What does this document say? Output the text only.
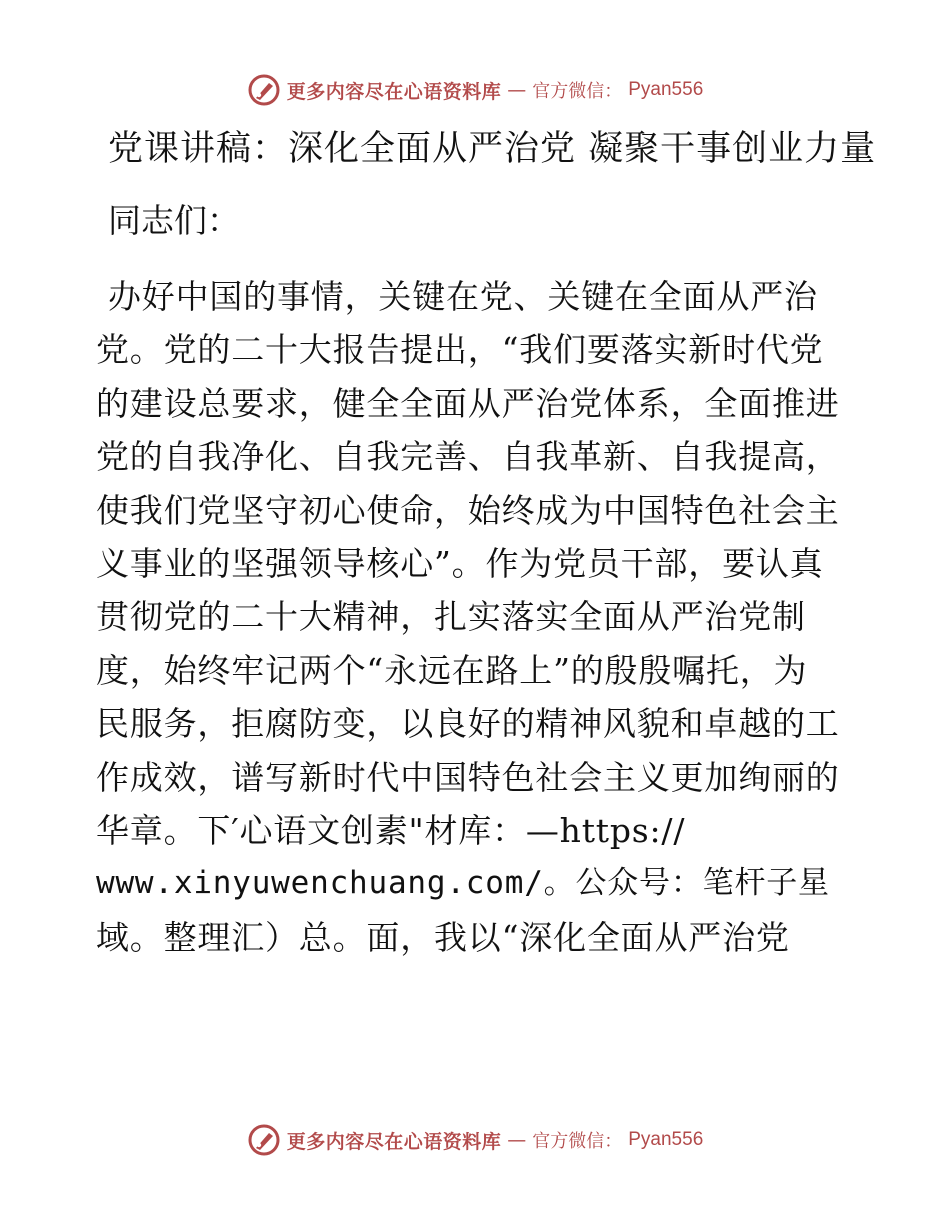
更多内容尽在心语资料库 — 官方微信： Pyan556
党课讲稿：深化全面从严治党 凝聚干事创业力量
同志们：
办好中国的事情，关键在党、关键在全面从严治
党。党的二十大报告提出，“我们要落实新时代党
的建设总要求，健全全面从严治党体系，全面推进
党的自我净化、自我完善、自我革新、自我提高，
使我们党坚守初心使命，始终成为中国特色社会主
义事业的坚强领导核心”。作为党员干部，要认真
贯彻党的二十大精神，扎实落实全面从严治党制
度，始终牢记两个“永远在路上”的殷殷嘱托，为
民服务，拒腐防变，以良好的精神风貌和卓越的工
作成效，谱写新时代中国特色社会主义更加绚丽的
华章。下′心语文创素"材库：—https://
www.xinyuwenchuang.com/。公众号：笔杆子星
域。整理汇）总。面，我以“深化全面从严治党
更多内容尽在心语资料库 — 官方微信： Pyan556
